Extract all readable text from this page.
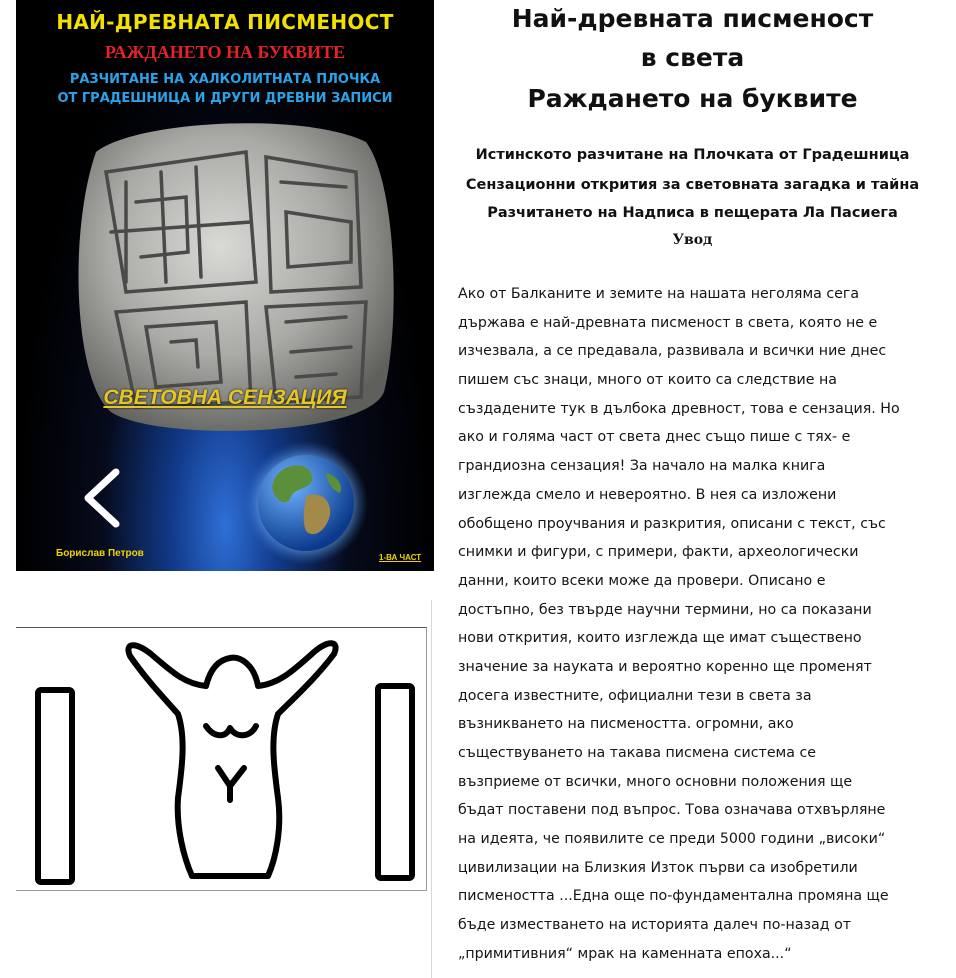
НАЙ-ДРЕВНАТА ПИСМЕНОСТ
РАЖДАНЕТО НА БУКВИТЕ
РАЗЧИТАНЕ НА ХАЛКОЛИТНАТА ПЛОЧКА
ОТ ГРАДЕШНИЦА И ДРУГИ ДРЕВНИ ЗАПИСИ
СВЕТОВНА СЕНЗАЦИЯ
Борислав Петров	1-ВА ЧАСТ
Най-древната писменост
в света
Раждането на буквите

Истинското разчитане на Плочката от Градешница

Сензационни открития за световната загадка и тайна

Разчитането на Надписа в пещерата Ла Пасиега

Увод

Ако от Балканите и земите на нашата неголяма сега
държава е най-древната писменост в света, която не е
изчезвала, а се предавала, развивала и всички ние днес
пишем със знаци, много от които са следствие на
създадените тук в дълбока древност, това е сензация. Но
ако и голяма част от света днес също пише с тях- е
грандиозна сензация! За начало на малка книга
изглежда смело и невероятно. В нея са изложени
обобщено проучвания и разкрития, описани с текст, със
снимки и фигури, с примери, факти, археологически
данни, които всеки може да провери. Описано е
достъпно, без твърде научни термини, но са показани
нови открития, които изглежда ще имат съществено
значение за науката и вероятно коренно ще променят
досега известните, официални тези в света за
възникването на писмеността. огромни, ако
съществуването на такава писмена система се
възприеме от всички, много основни положения ще
бъдат поставени под въпрос. Това означава отхвърляне
на идеята, че появилите се преди 5000 години „високи“
цивилизации на Близкия Изток първи са изобретили
писмеността ...Една още по-фундаментална промяна ще
бъде изместването на историята далеч по-назад от
„примитивния“ мрак на каменната епоха...“
